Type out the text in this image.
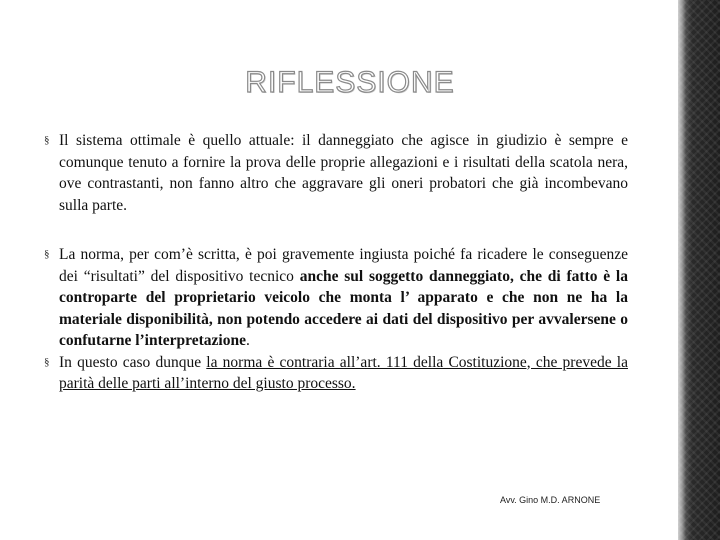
RIFLESSIONE

§ Il sistema ottimale è quello attuale: il danneggiato che agisce in giudizio è sempre e comunque tenuto a fornire la prova delle proprie allegazioni e i risultati della scatola nera, ove contrastanti, non fanno altro che aggravare gli oneri probatori che già incombevano sulla parte.

§ La norma, per com’è scritta, è poi gravemente ingiusta poiché fa ricadere le conseguenze dei “risultati” del dispositivo tecnico anche sul soggetto danneggiato, che di fatto è la controparte del proprietario veicolo che monta l’ apparato e che non ne ha la materiale disponibilità, non potendo accedere ai dati del dispositivo per avvalersene o confutarne l’interpretazione.

§ In questo caso dunque la norma è contraria all’art. 111 della Costituzione, che prevede la parità delle parti all’interno del giusto processo.

Avv. Gino M.D. ARNONE
